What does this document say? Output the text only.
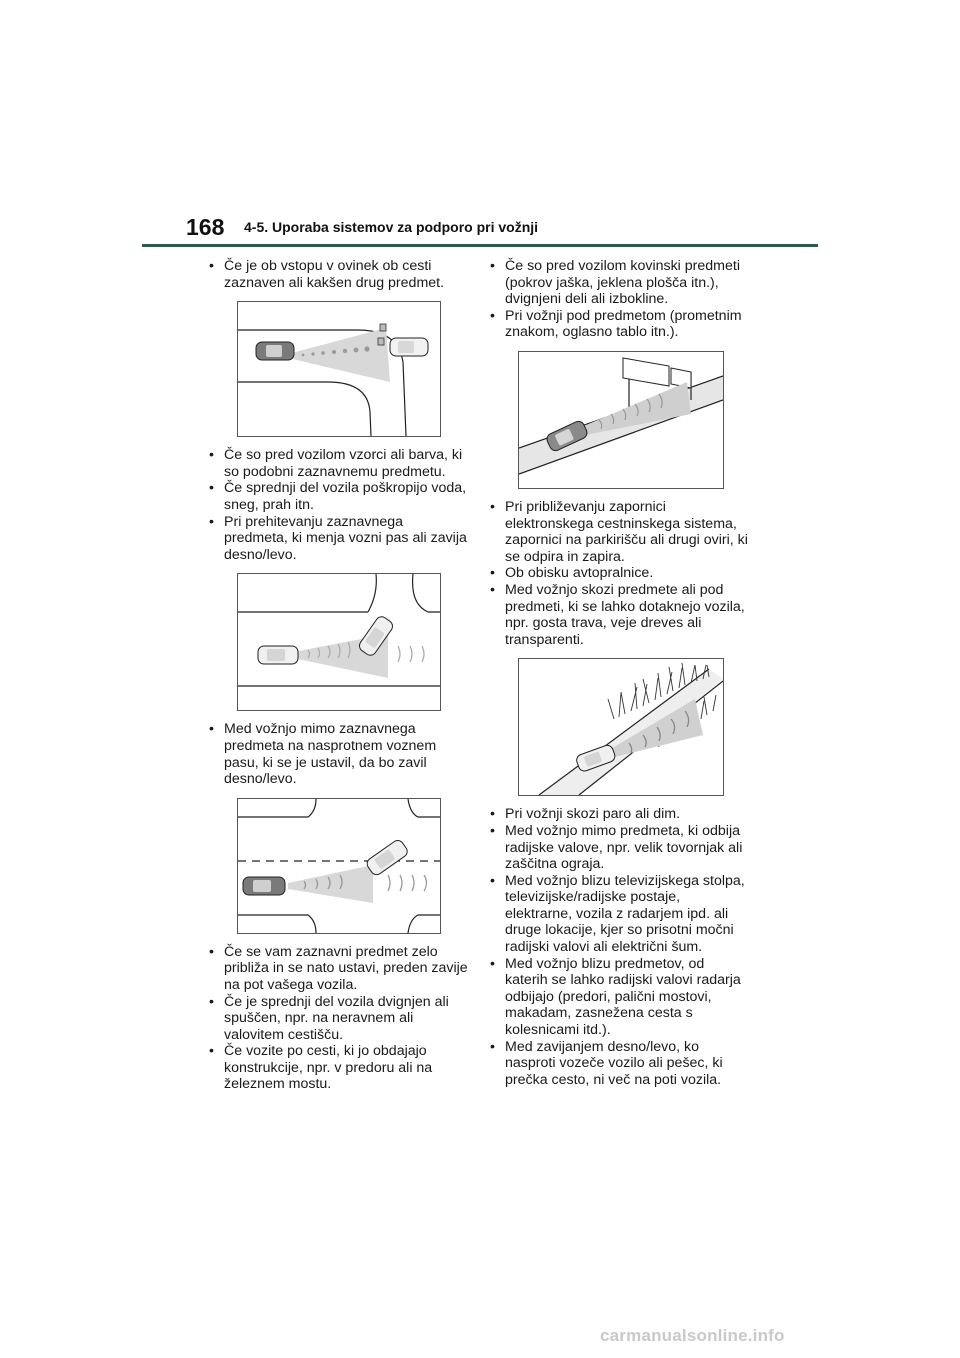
168 4-5. Uporaba sistemov za podporo pri vožnji
• Če je ob vstopu v ovinek ob cesti zaznaven ali kakšen drug predmet.
• Če so pred vozilom vzorci ali barva, ki so podobni zaznavnemu predmetu.
• Če sprednji del vozila poškropijo voda, sneg, prah itn.
• Pri prehitevanju zaznavnega predmeta, ki menja vozni pas ali zavija desno/levo.
• Med vožnjo mimo zaznavnega predmeta na nasprotnem voznem pasu, ki se je ustavil, da bo zavil desno/levo.
• Če se vam zaznavni predmet zelo približa in se nato ustavi, preden zavije na pot vašega vozila.
• Če je sprednji del vozila dvignjen ali spuščen, npr. na neravnem ali valovitem cestišču.
• Če vozite po cesti, ki jo obdajajo konstrukcije, npr. v predoru ali na železnem mostu.
• Če so pred vozilom kovinski predmeti (pokrov jaška, jeklena plošča itn.), dvignjeni deli ali izbokline.
• Pri vožnji pod predmetom (prometnim znakom, oglasno tablo itn.).
• Pri približevanju zapornici elektronskega cestninskega sistema, zapornici na parkirišču ali drugi oviri, ki se odpira in zapira.
• Ob obisku avtopralnice.
• Med vožnjo skozi predmete ali pod predmeti, ki se lahko dotaknejo vozila, npr. gosta trava, veje dreves ali transparenti.
• Pri vožnji skozi paro ali dim.
• Med vožnjo mimo predmeta, ki odbija radijske valove, npr. velik tovornjak ali zaščitna ograja.
• Med vožnjo blizu televizijskega stolpa, televizijske/radijske postaje, elektrarne, vozila z radarjem ipd. ali druge lokacije, kjer so prisotni močni radijski valovi ali električni šum.
• Med vožnjo blizu predmetov, od katerih se lahko radijski valovi radarja odbijajo (predori, palični mostovi, makadam, zasnežena cesta s kolesnicami itd.).
• Med zavijanjem desno/levo, ko nasproti vozeče vozilo ali pešec, ki prečka cesto, ni več na poti vozila.
carmanualsonline.info
